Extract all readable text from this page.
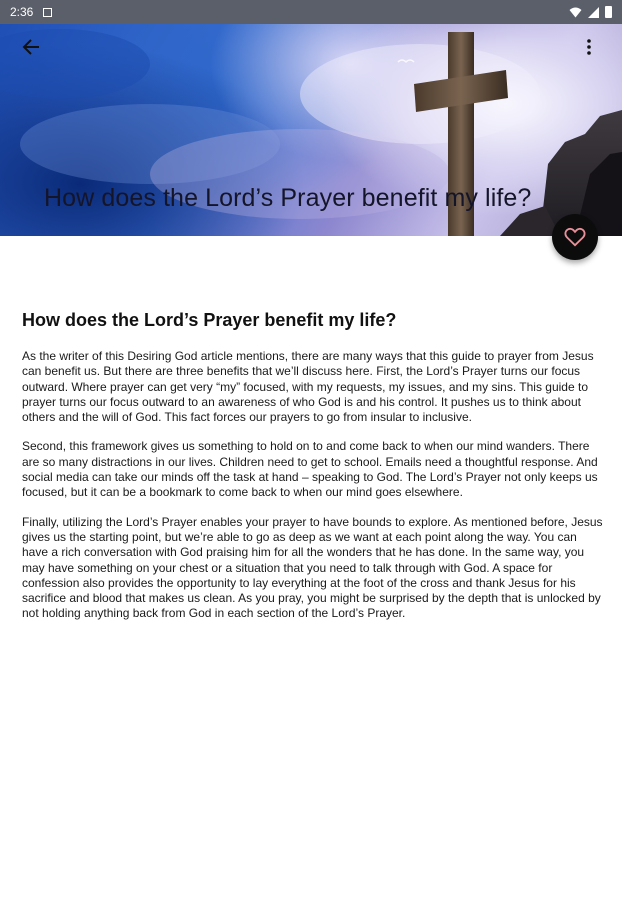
2:36
How does the Lord’s Prayer benefit my life?
How does the Lord’s Prayer benefit my life?

As the writer of this Desiring God article mentions, there are many ways that this guide to prayer from Jesus can benefit us. But there are three benefits that we’ll discuss here. First, the Lord’s Prayer turns our focus outward. Where prayer can get very “my” focused, with my requests, my issues, and my sins. This guide to prayer turns our focus outward to an awareness of who God is and his control. It pushes us to think about others and the will of God. This fact forces our prayers to go from insular to inclusive.

Second, this framework gives us something to hold on to and come back to when our mind wanders. There are so many distractions in our lives. Children need to get to school. Emails need a thoughtful response. And social media can take our minds off the task at hand – speaking to God. The Lord’s Prayer not only keeps us focused, but it can be a bookmark to come back to when our mind goes elsewhere.

Finally, utilizing the Lord’s Prayer enables your prayer to have bounds to explore. As mentioned before, Jesus gives us the starting point, but we’re able to go as deep as we want at each point along the way. You can have a rich conversation with God praising him for all the wonders that he has done. In the same way, you may have something on your chest or a situation that you need to talk through with God. A space for confession also provides the opportunity to lay everything at the foot of the cross and thank Jesus for his sacrifice and blood that makes us clean. As you pray, you might be surprised by the depth that is unlocked by not holding anything back from God in each section of the Lord’s Prayer.
